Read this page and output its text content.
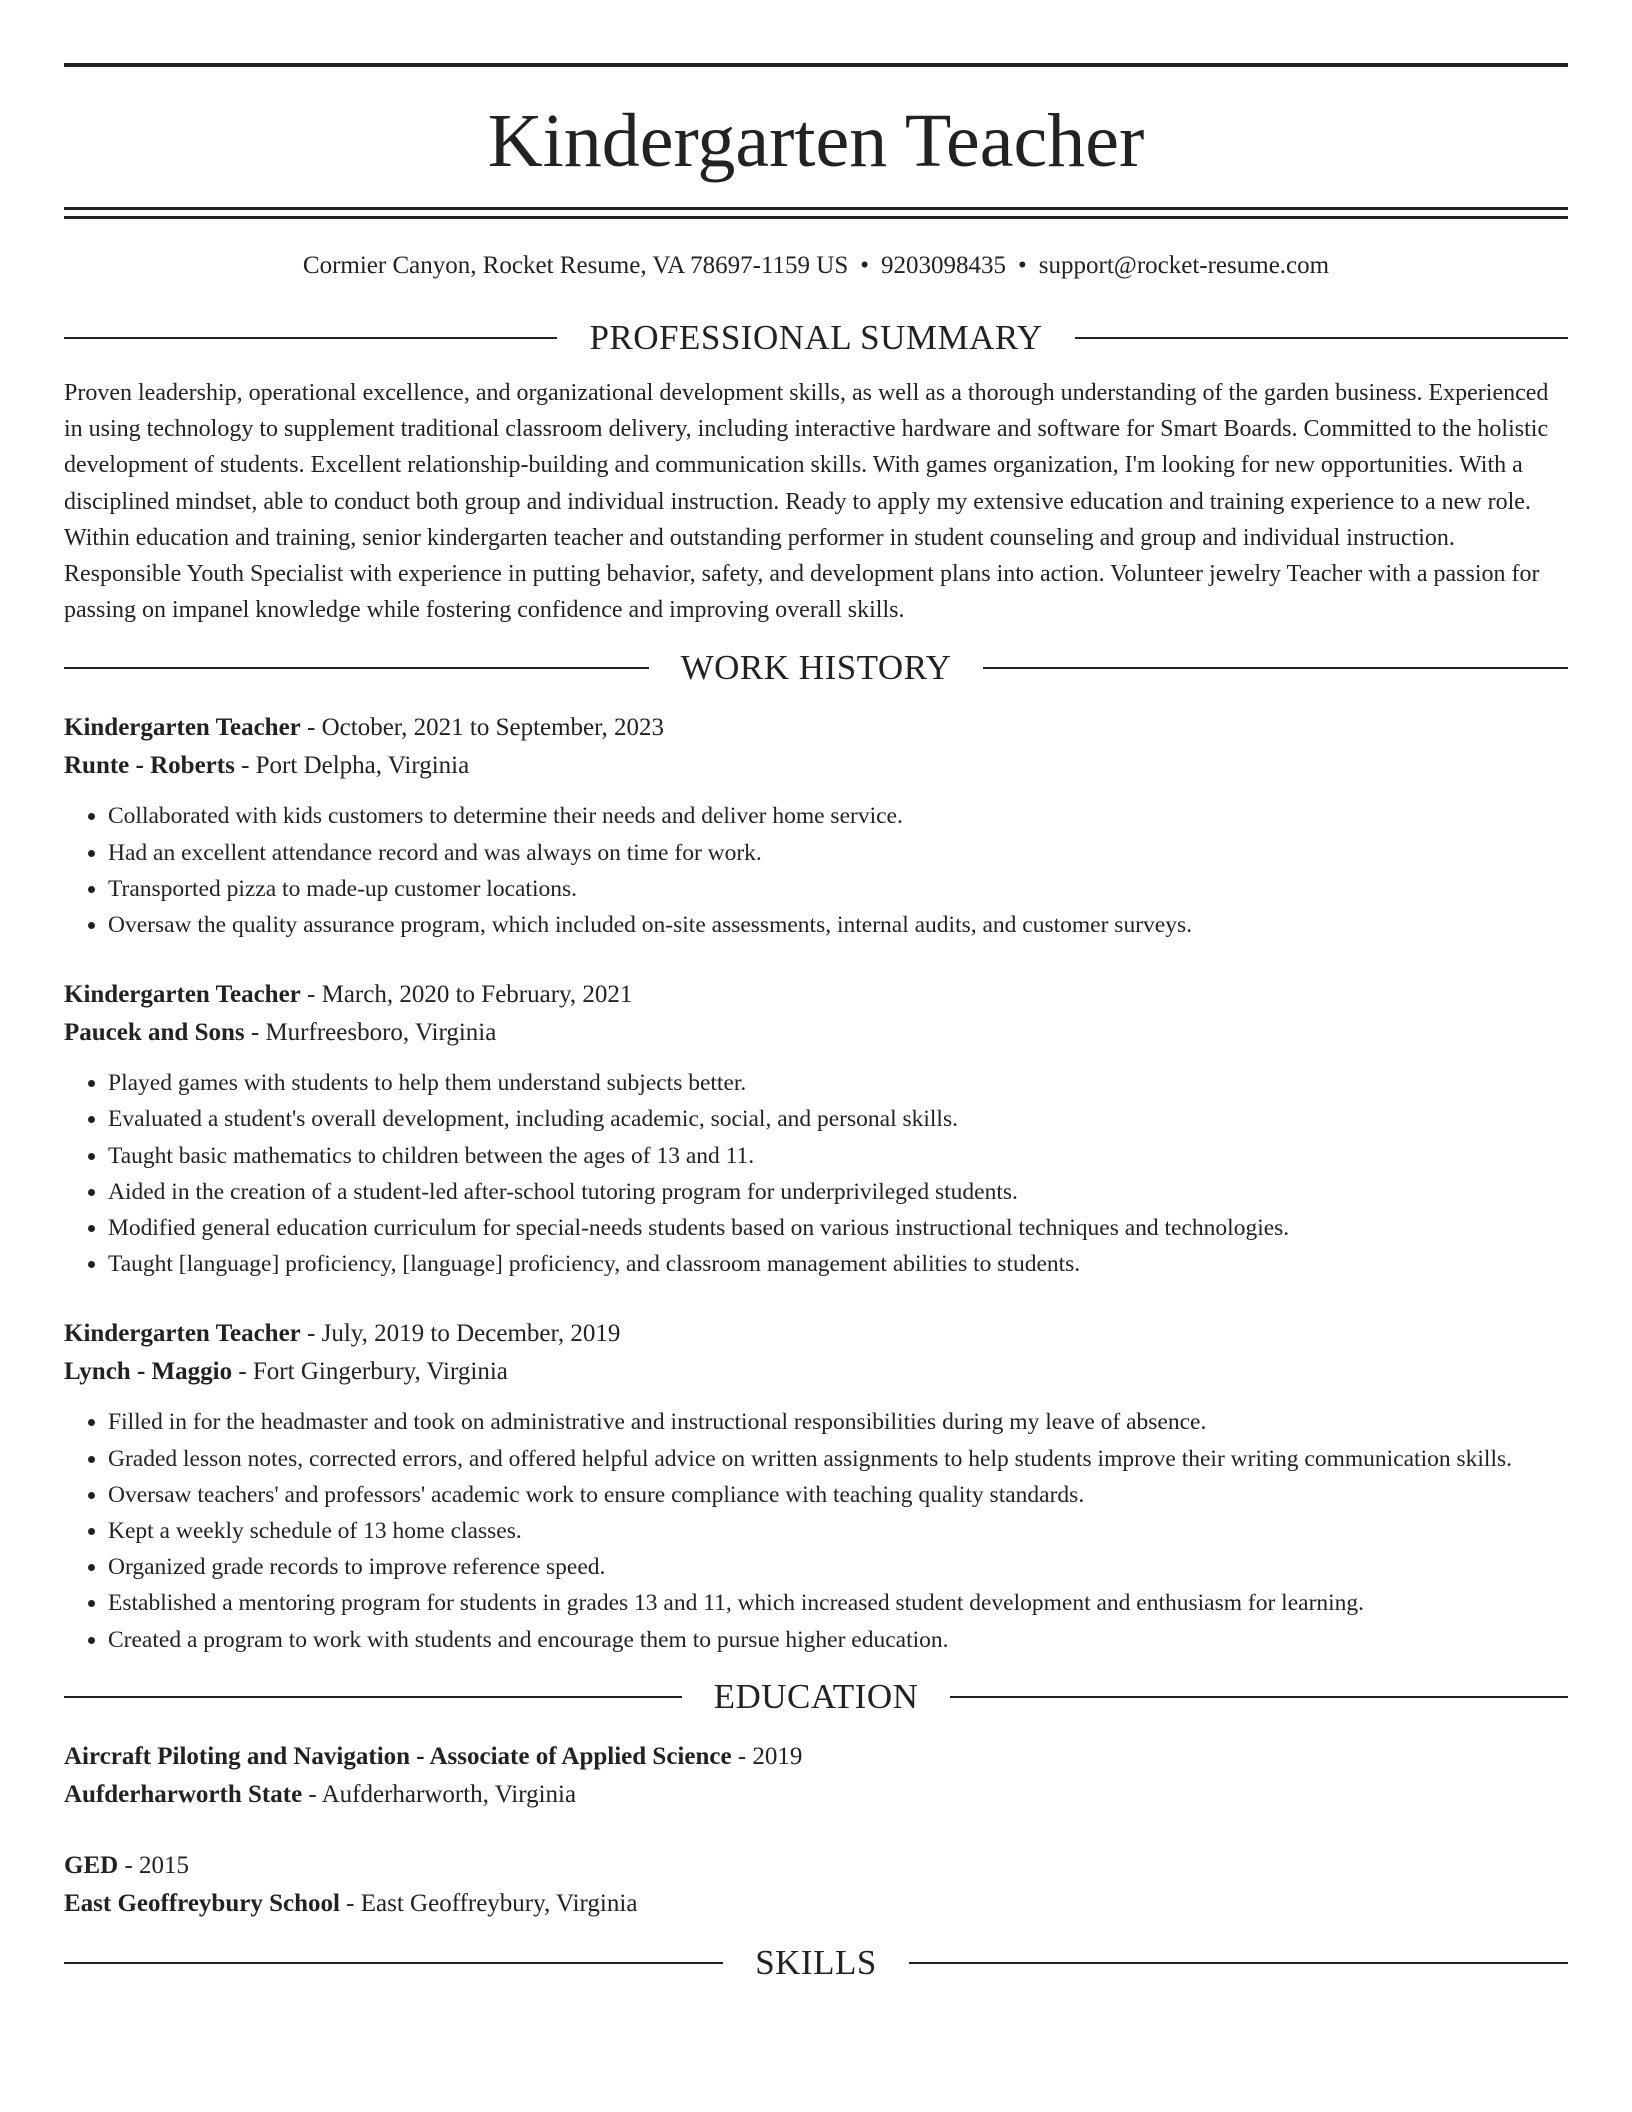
Kindergarten Teacher
Cormier Canyon, Rocket Resume, VA 78697-1159 US • 9203098435 • support@rocket-resume.com
PROFESSIONAL SUMMARY

Proven leadership, operational excellence, and organizational development skills, as well as a thorough understanding of the garden business. Experienced in using technology to supplement traditional classroom delivery, including interactive hardware and software for Smart Boards. Committed to the holistic development of students. Excellent relationship-building and communication skills. With games organization, I'm looking for new opportunities. With a disciplined mindset, able to conduct both group and individual instruction. Ready to apply my extensive education and training experience to a new role. Within education and training, senior kindergarten teacher and outstanding performer in student counseling and group and individual instruction. Responsible Youth Specialist with experience in putting behavior, safety, and development plans into action. Volunteer jewelry Teacher with a passion for passing on impanel knowledge while fostering confidence and improving overall skills.

WORK HISTORY
Kindergarten Teacher - October, 2021 to September, 2023
Runte - Roberts - Port Delpha, Virginia
• Collaborated with kids customers to determine their needs and deliver home service.
• Had an excellent attendance record and was always on time for work.
• Transported pizza to made-up customer locations.
• Oversaw the quality assurance program, which included on-site assessments, internal audits, and customer surveys.
Kindergarten Teacher - March, 2020 to February, 2021
Paucek and Sons - Murfreesboro, Virginia
• Played games with students to help them understand subjects better.
• Evaluated a student's overall development, including academic, social, and personal skills.
• Taught basic mathematics to children between the ages of 13 and 11.
• Aided in the creation of a student-led after-school tutoring program for underprivileged students.
• Modified general education curriculum for special-needs students based on various instructional techniques and technologies.
• Taught [language] proficiency, [language] proficiency, and classroom management abilities to students.
Kindergarten Teacher - July, 2019 to December, 2019
Lynch - Maggio - Fort Gingerbury, Virginia
• Filled in for the headmaster and took on administrative and instructional responsibilities during my leave of absence.
• Graded lesson notes, corrected errors, and offered helpful advice on written assignments to help students improve their writing communication skills.
• Oversaw teachers' and professors' academic work to ensure compliance with teaching quality standards.
• Kept a weekly schedule of 13 home classes.
• Organized grade records to improve reference speed.
• Established a mentoring program for students in grades 13 and 11, which increased student development and enthusiasm for learning.
• Created a program to work with students and encourage them to pursue higher education.
EDUCATION
Aircraft Piloting and Navigation - Associate of Applied Science - 2019
Aufderharworth State - Aufderharworth, Virginia
GED - 2015
East Geoffreybury School - East Geoffreybury, Virginia
SKILLS
